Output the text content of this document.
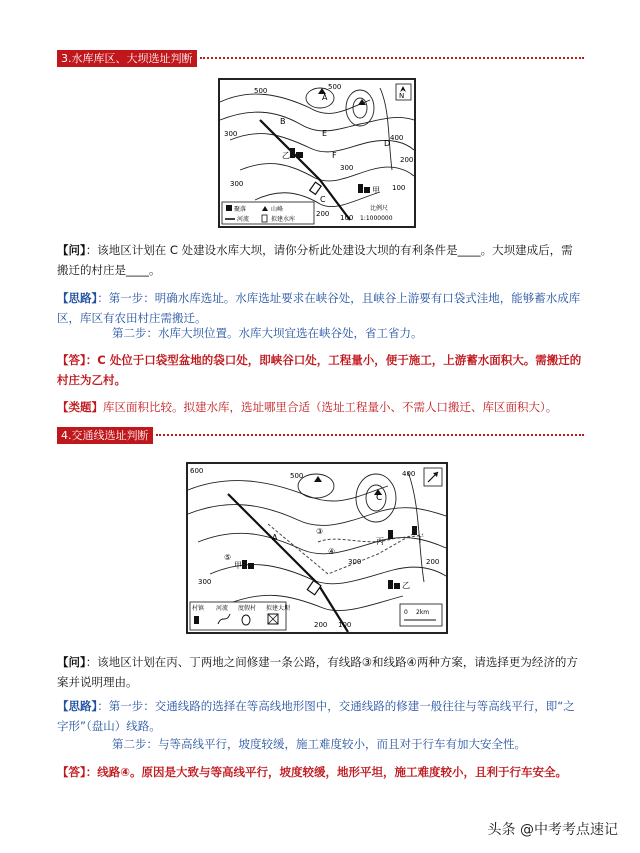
3.水库库区、大坝选址判断
500
300
500
400
300
200
300
200
100
100
A
B
C
D
E
F
乙
甲
N
聚落	山峰
河流	拟建水库
比例尺
1:1000000
【问】：该地区计划在 C 处建设水库大坝，请你分析此处建设大坝的有利条件是____。大坝建成后，需搬迁的村庄是____。
【思路】：第一步：明确水库选址。水库选址要求在峡谷处，且峡谷上游要有口袋式洼地，能够蓄水成库区，库区有农田村庄需搬迁。
第二步：水库大坝位置。水库大坝宜选在峡谷处，省工省力。
【答】：C 处位于口袋型盆地的袋口处，即峡谷口处，工程量小，便于施工，上游蓄水面积大。需搬迁的村庄为乙村。
【类题】库区面积比较。拟建水库，选址哪里合适（选址工程量小、不需人口搬迁、库区面积大）。
4.交通线选址判断
600
500	400
300
200
300
200 100
A
C
③
④
⑤
甲
乙
丙	丁
村镇 河流 度假村 拟建大坝
0 2km
【问】：该地区计划在丙、丁两地之间修建一条公路，有线路③和线路④两种方案，请选择更为经济的方案并说明理由。
【思路】：第一步：交通线路的选择在等高线地形图中，交通线路的修建一般往往与等高线平行，即“之字形”（盘山）线路。
第二步：与等高线平行，坡度较缓，施工难度较小，而且对于行车有加大安全性。
【答】：线路④。原因是大致与等高线平行，坡度较缓，地形平坦，施工难度较小，且利于行车安全。
头条 @中考考点速记
